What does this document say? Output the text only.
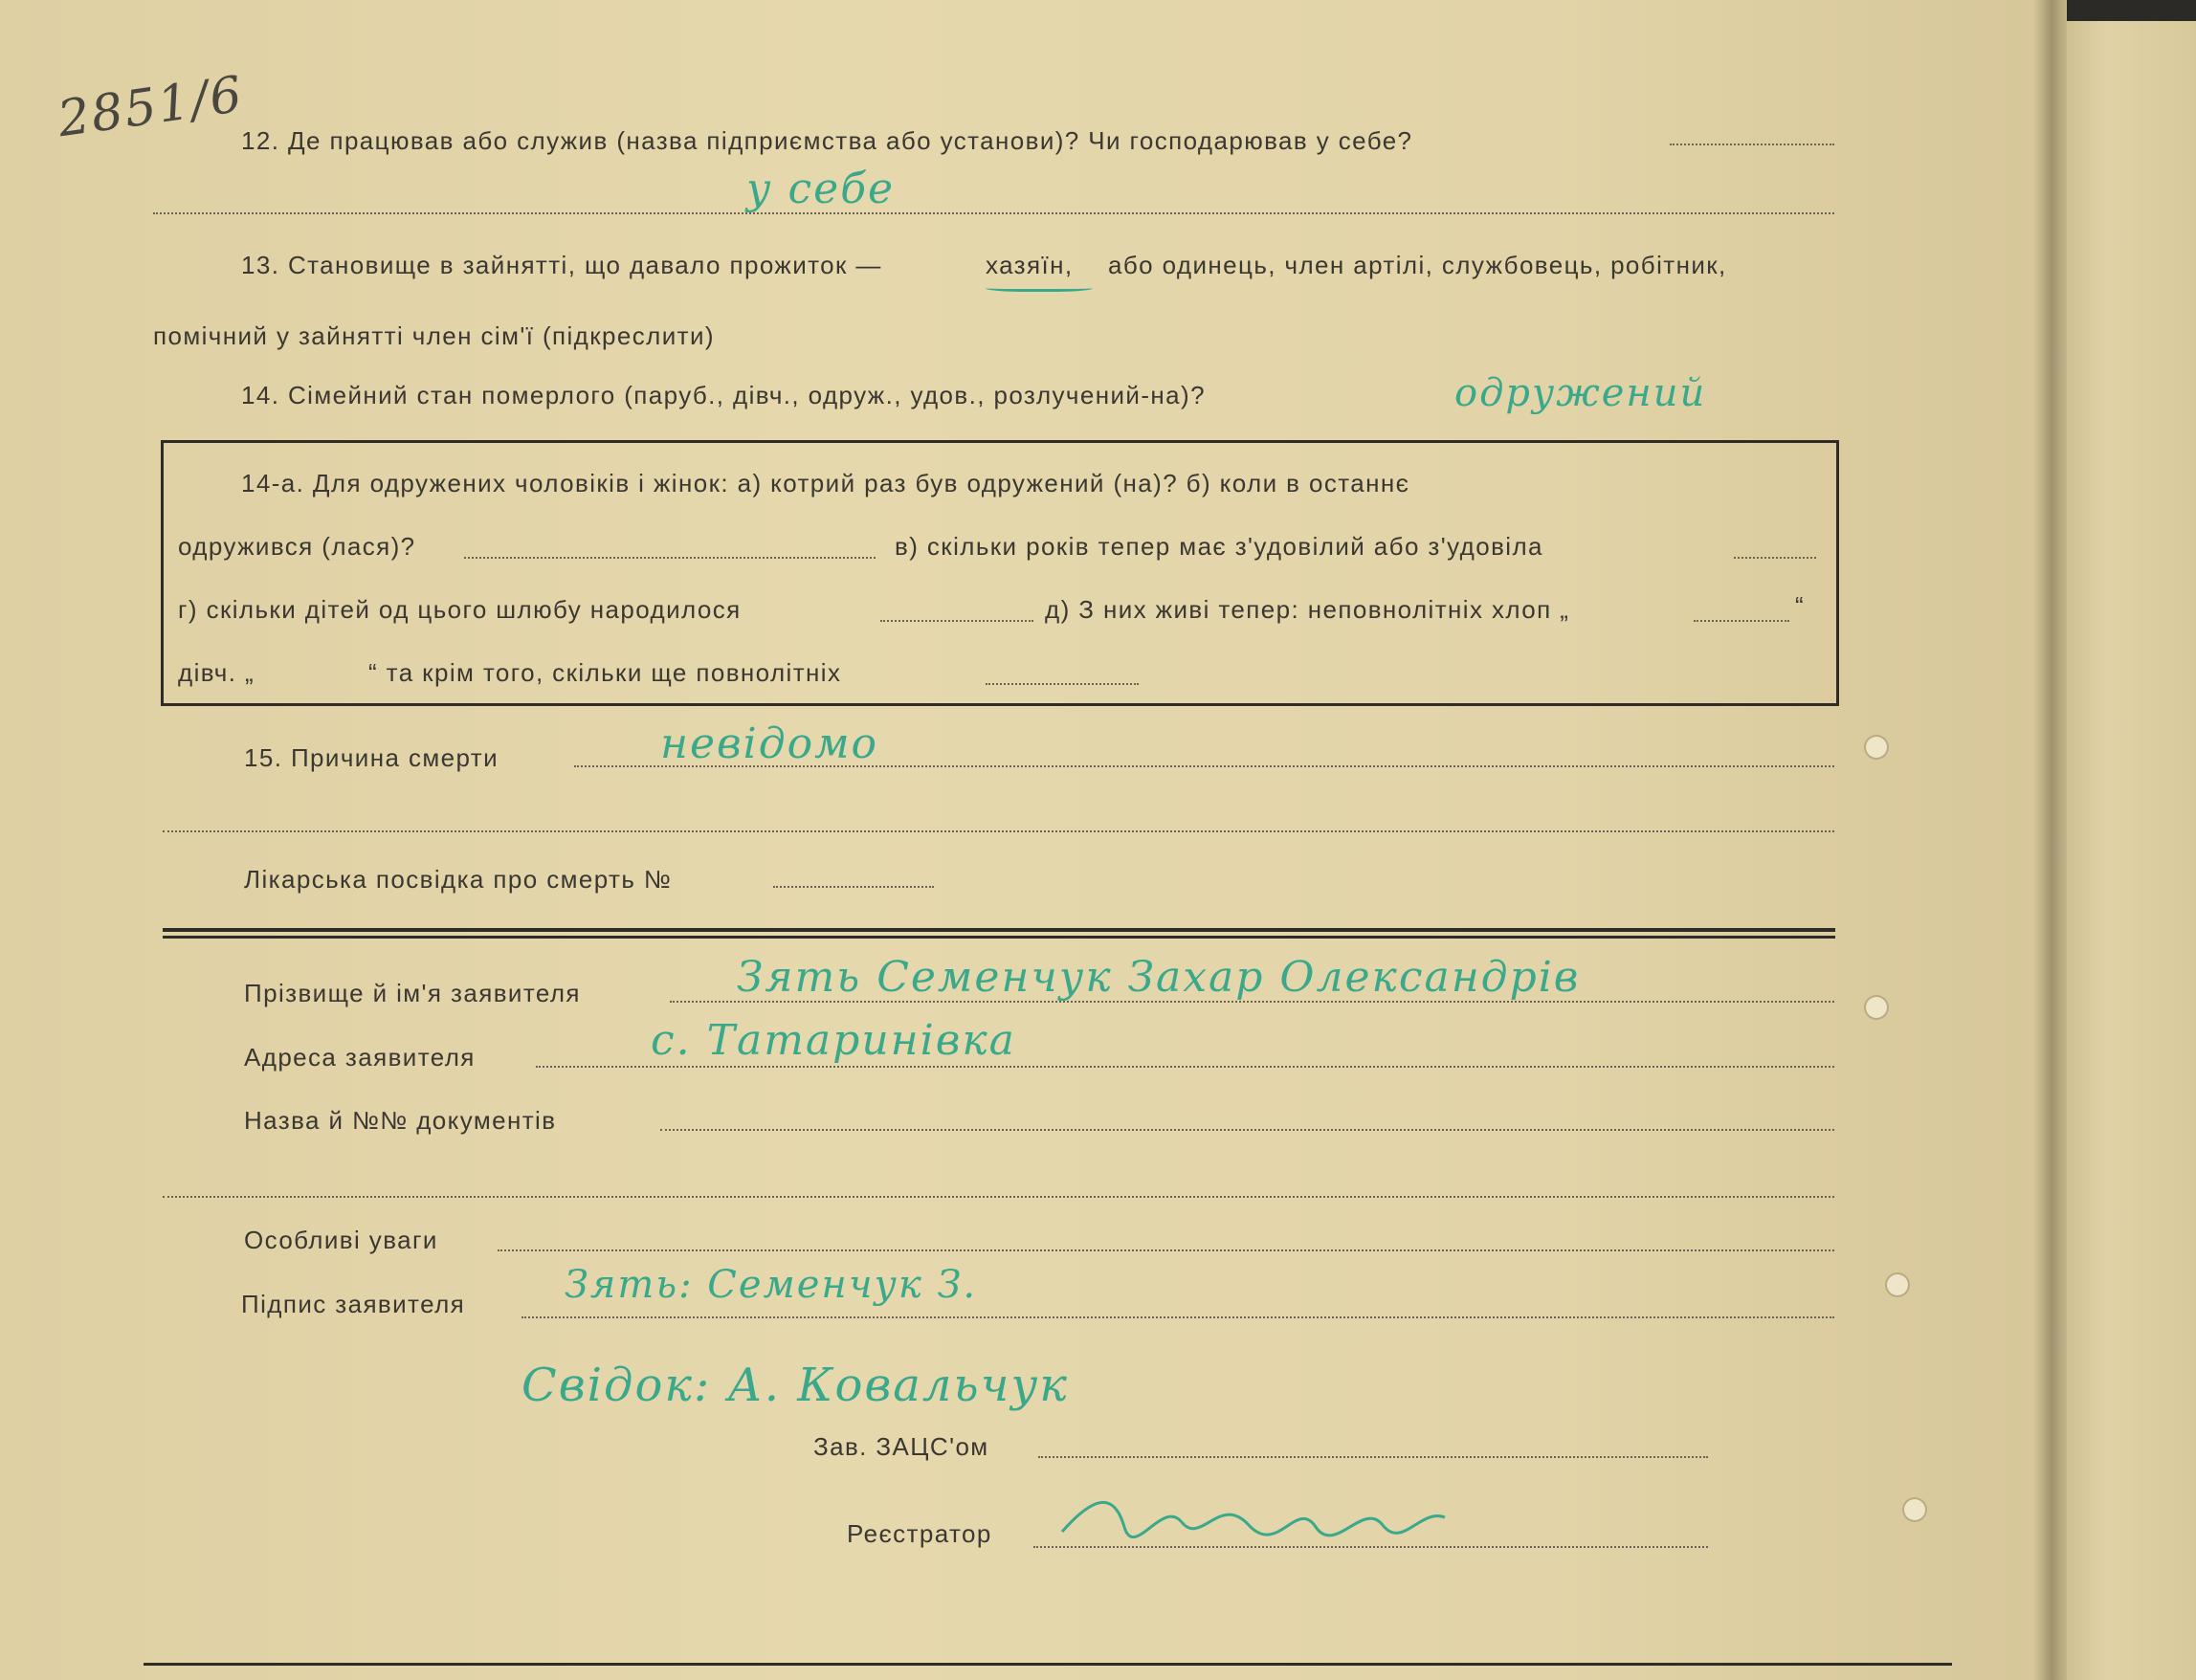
2851/6
12. Де працював або служив (назва підприємства або установи)? Чи господарював у себе?
у себе
13. Становище в зайнятті, що давало прожиток —	хазяїн, або одинець, член артілі, службовець, робітник,
помічний у зайнятті член сім'ї (підкреслити)
14. Сімейний стан померлого (паруб., дівч., одруж., удов., розлучений-на)?	одружений
14-а. Для одружених чоловіків і жінок: а) котрий раз був одружений (на)? б) коли в останнє
одружився (лася)?	в) скільки років тепер має з'удовілий або з'удовіла
г) скільки дітей од цього шлюбу народилося	д) З них живі тепер: неповнолітніх хлоп „	“
дівч. „	“ та крім того, скільки ще повнолітніх
15. Причина смерти	невідомо
Лікарська посвідка про смерть №
Прізвище й ім'я заявителя	Зять Семенчук Захар Олександрів
Адреса заявителя	с. Татаринівка
Назва й №№ документів
Особливі уваги
Підпис заявителя	Зять: Семенчук З.
Свідок: А. Ковальчук
Зав. ЗАЦС'ом
Реєстратор
